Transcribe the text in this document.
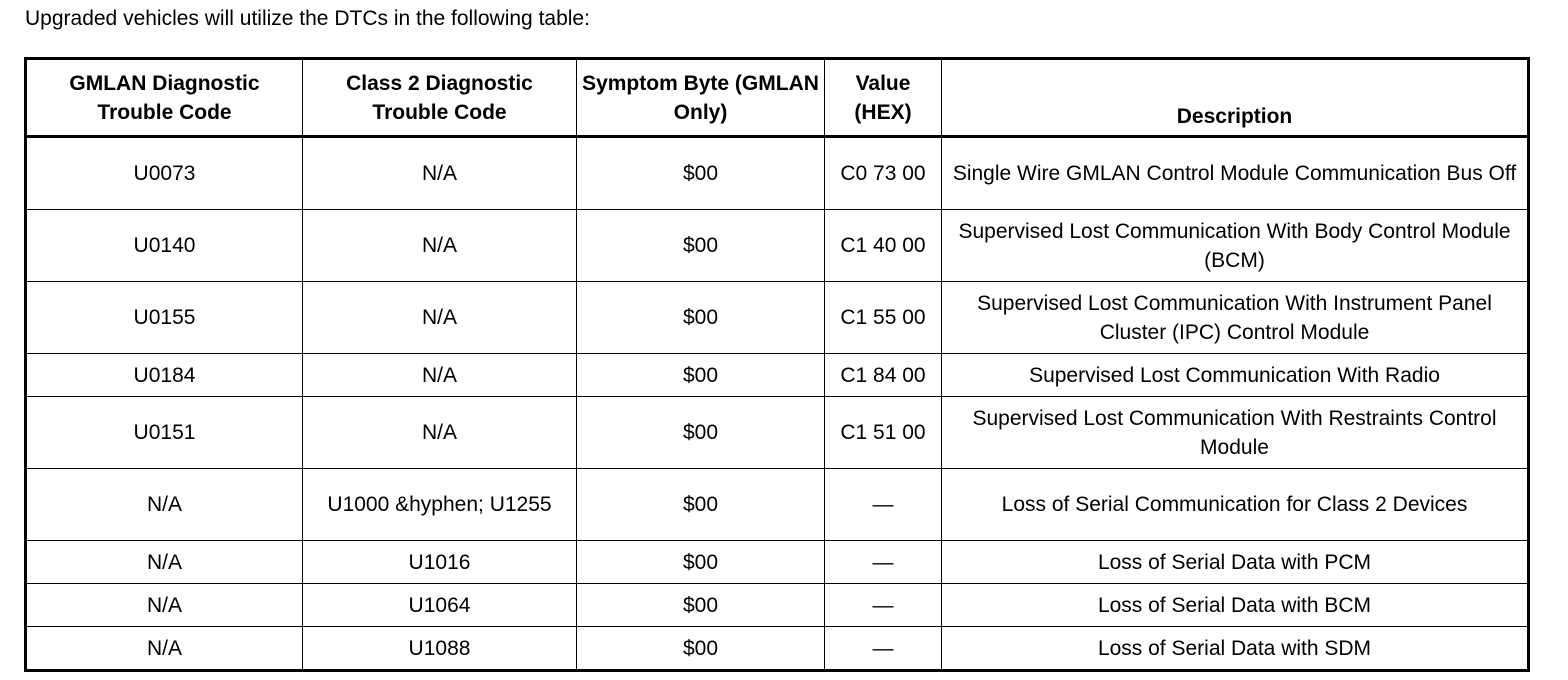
Upgraded vehicles will utilize the DTCs in the following table:
GMLAN Diagnostic Trouble Code	Class 2 Diagnostic Trouble Code	Symptom Byte (GMLAN Only)	Value (HEX)	Description
U0073	N/A	$00	C0 73 00	Single Wire GMLAN Control Module Communication Bus Off
U0140	N/A	$00	C1 40 00	Supervised Lost Communication With Body Control Module (BCM)
U0155	N/A	$00	C1 55 00	Supervised Lost Communication With Instrument Panel Cluster (IPC) Control Module
U0184	N/A	$00	C1 84 00	Supervised Lost Communication With Radio
U0151	N/A	$00	C1 51 00	Supervised Lost Communication With Restraints Control Module
N/A	U1000 &hyphen; U1255	$00	—	Loss of Serial Communication for Class 2 Devices
N/A	U1016	$00	—	Loss of Serial Data with PCM
N/A	U1064	$00	—	Loss of Serial Data with BCM
N/A	U1088	$00	—	Loss of Serial Data with SDM
